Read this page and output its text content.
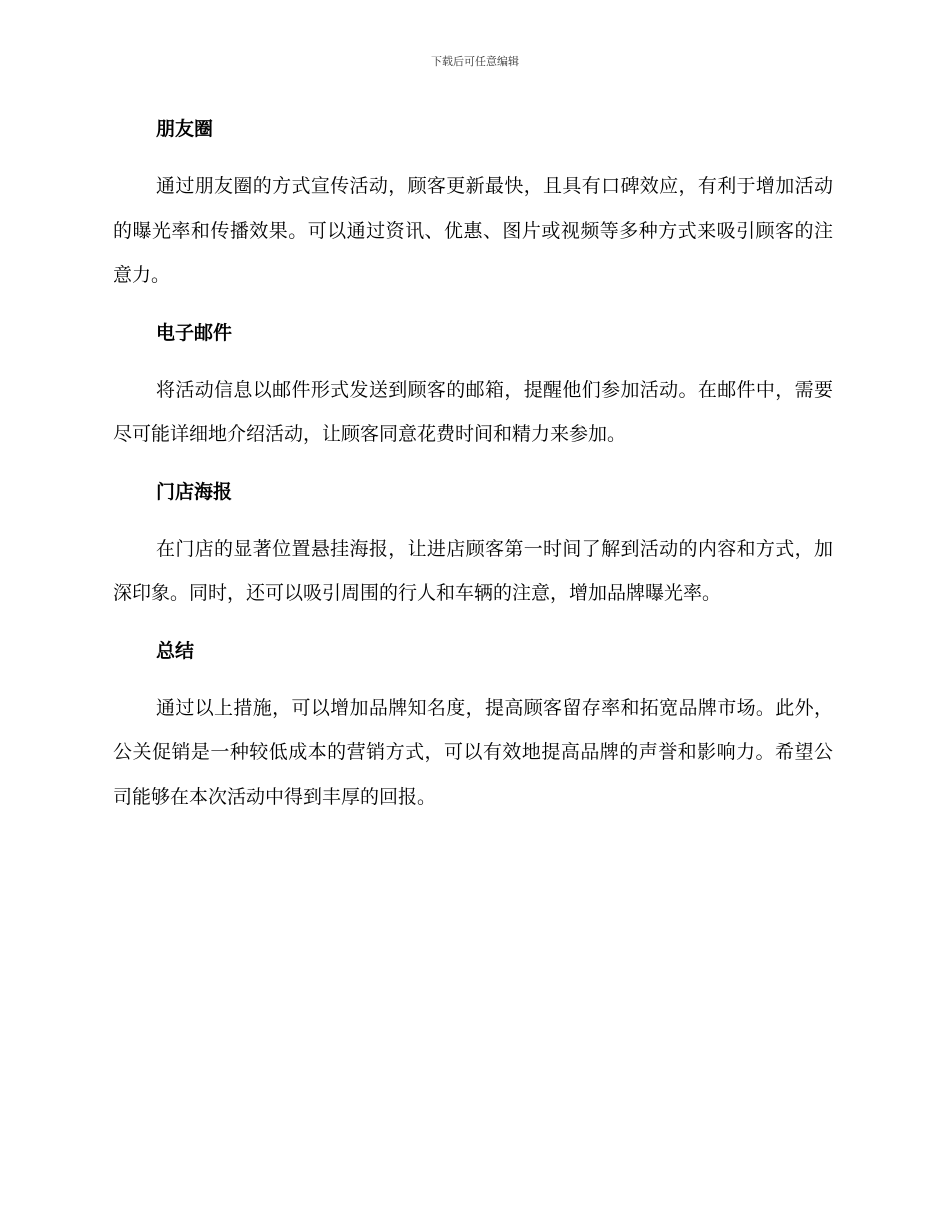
下载后可任意编辑
朋友圈

通过朋友圈的方式宣传活动，顾客更新最快，且具有口碑效应，有利于增加活动的曝光率和传播效果。可以通过资讯、优惠、图片或视频等多种方式来吸引顾客的注意力。

电子邮件

将活动信息以邮件形式发送到顾客的邮箱，提醒他们参加活动。在邮件中，需要尽可能详细地介绍活动，让顾客同意花费时间和精力来参加。

门店海报

在门店的显著位置悬挂海报，让进店顾客第一时间了解到活动的内容和方式，加深印象。同时，还可以吸引周围的行人和车辆的注意，增加品牌曝光率。

总结

通过以上措施，可以增加品牌知名度，提高顾客留存率和拓宽品牌市场。此外，公关促销是一种较低成本的营销方式，可以有效地提高品牌的声誉和影响力。希望公司能够在本次活动中得到丰厚的回报。
